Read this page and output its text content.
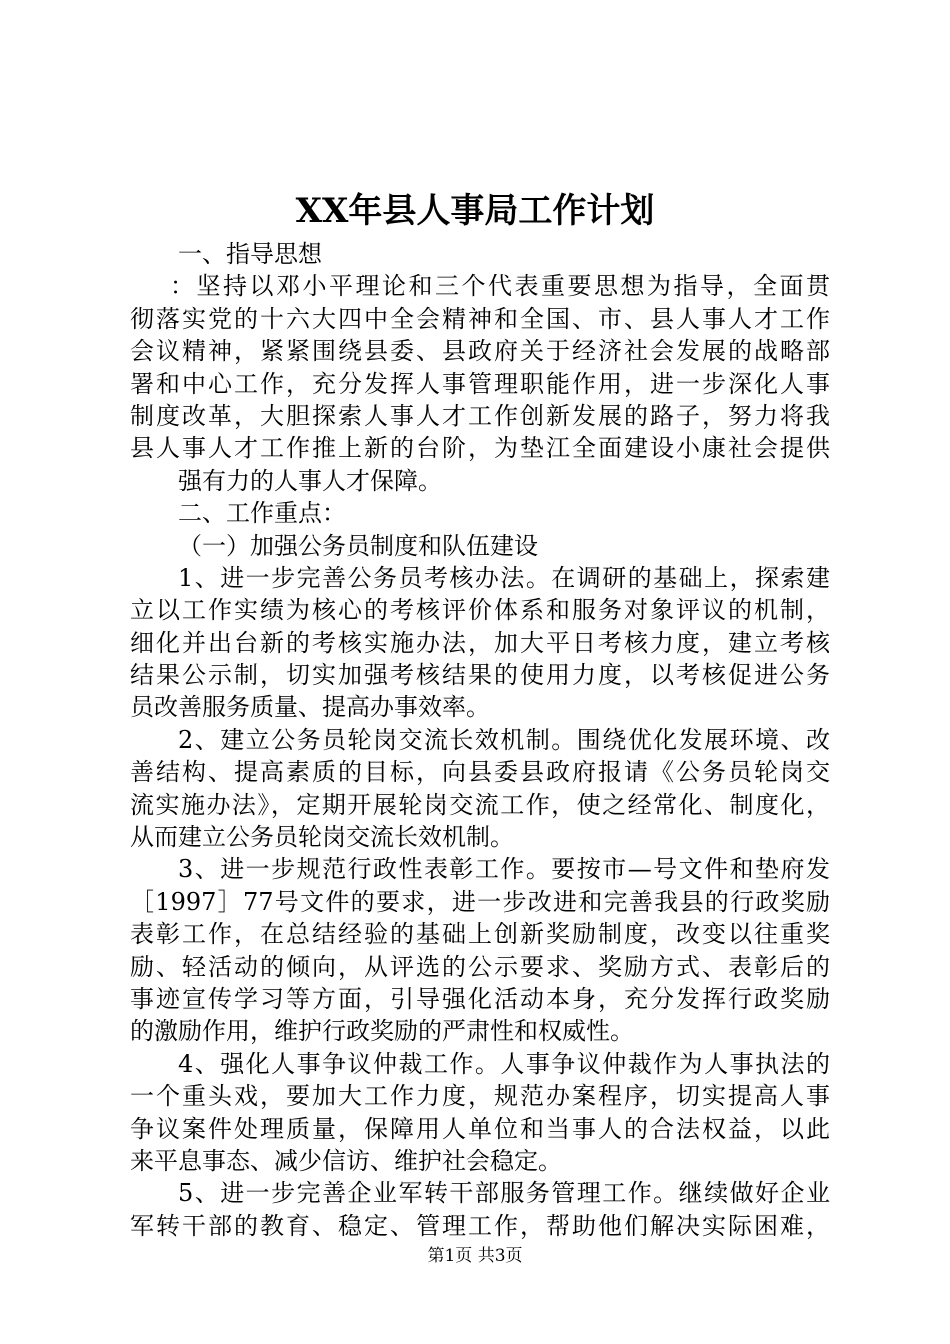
XX年县人事局工作计划
一、指导思想
：坚持以邓小平理论和三个代表重要思想为指导，全面贯
彻落实党的十六大四中全会精神和全国、市、县人事人才工作
会议精神，紧紧围绕县委、县政府关于经济社会发展的战略部
署和中心工作，充分发挥人事管理职能作用，进一步深化人事
制度改革，大胆探索人事人才工作创新发展的路子，努力将我
县人事人才工作推上新的台阶，为垫江全面建设小康社会提供
强有力的人事人才保障。
二、工作重点：
（一）加强公务员制度和队伍建设
1、进一步完善公务员考核办法。在调研的基础上，探索建
立以工作实绩为核心的考核评价体系和服务对象评议的机制，
细化并出台新的考核实施办法，加大平日考核力度，建立考核
结果公示制，切实加强考核结果的使用力度，以考核促进公务
员改善服务质量、提高办事效率。
2、建立公务员轮岗交流长效机制。围绕优化发展环境、改
善结构、提高素质的目标，向县委县政府报请《公务员轮岗交
流实施办法》，定期开展轮岗交流工作，使之经常化、制度化，
从而建立公务员轮岗交流长效机制。
3、进一步规范行政性表彰工作。要按市—号文件和垫府发
［1997］77号文件的要求，进一步改进和完善我县的行政奖励
表彰工作，在总结经验的基础上创新奖励制度，改变以往重奖
励、轻活动的倾向，从评选的公示要求、奖励方式、表彰后的
事迹宣传学习等方面，引导强化活动本身，充分发挥行政奖励
的激励作用，维护行政奖励的严肃性和权威性。
4、强化人事争议仲裁工作。人事争议仲裁作为人事执法的
一个重头戏，要加大工作力度，规范办案程序，切实提高人事
争议案件处理质量，保障用人单位和当事人的合法权益，以此
来平息事态、减少信访、维护社会稳定。
5、进一步完善企业军转干部服务管理工作。继续做好企业
军转干部的教育、稳定、管理工作，帮助他们解决实际困难，
第1页 共3页
